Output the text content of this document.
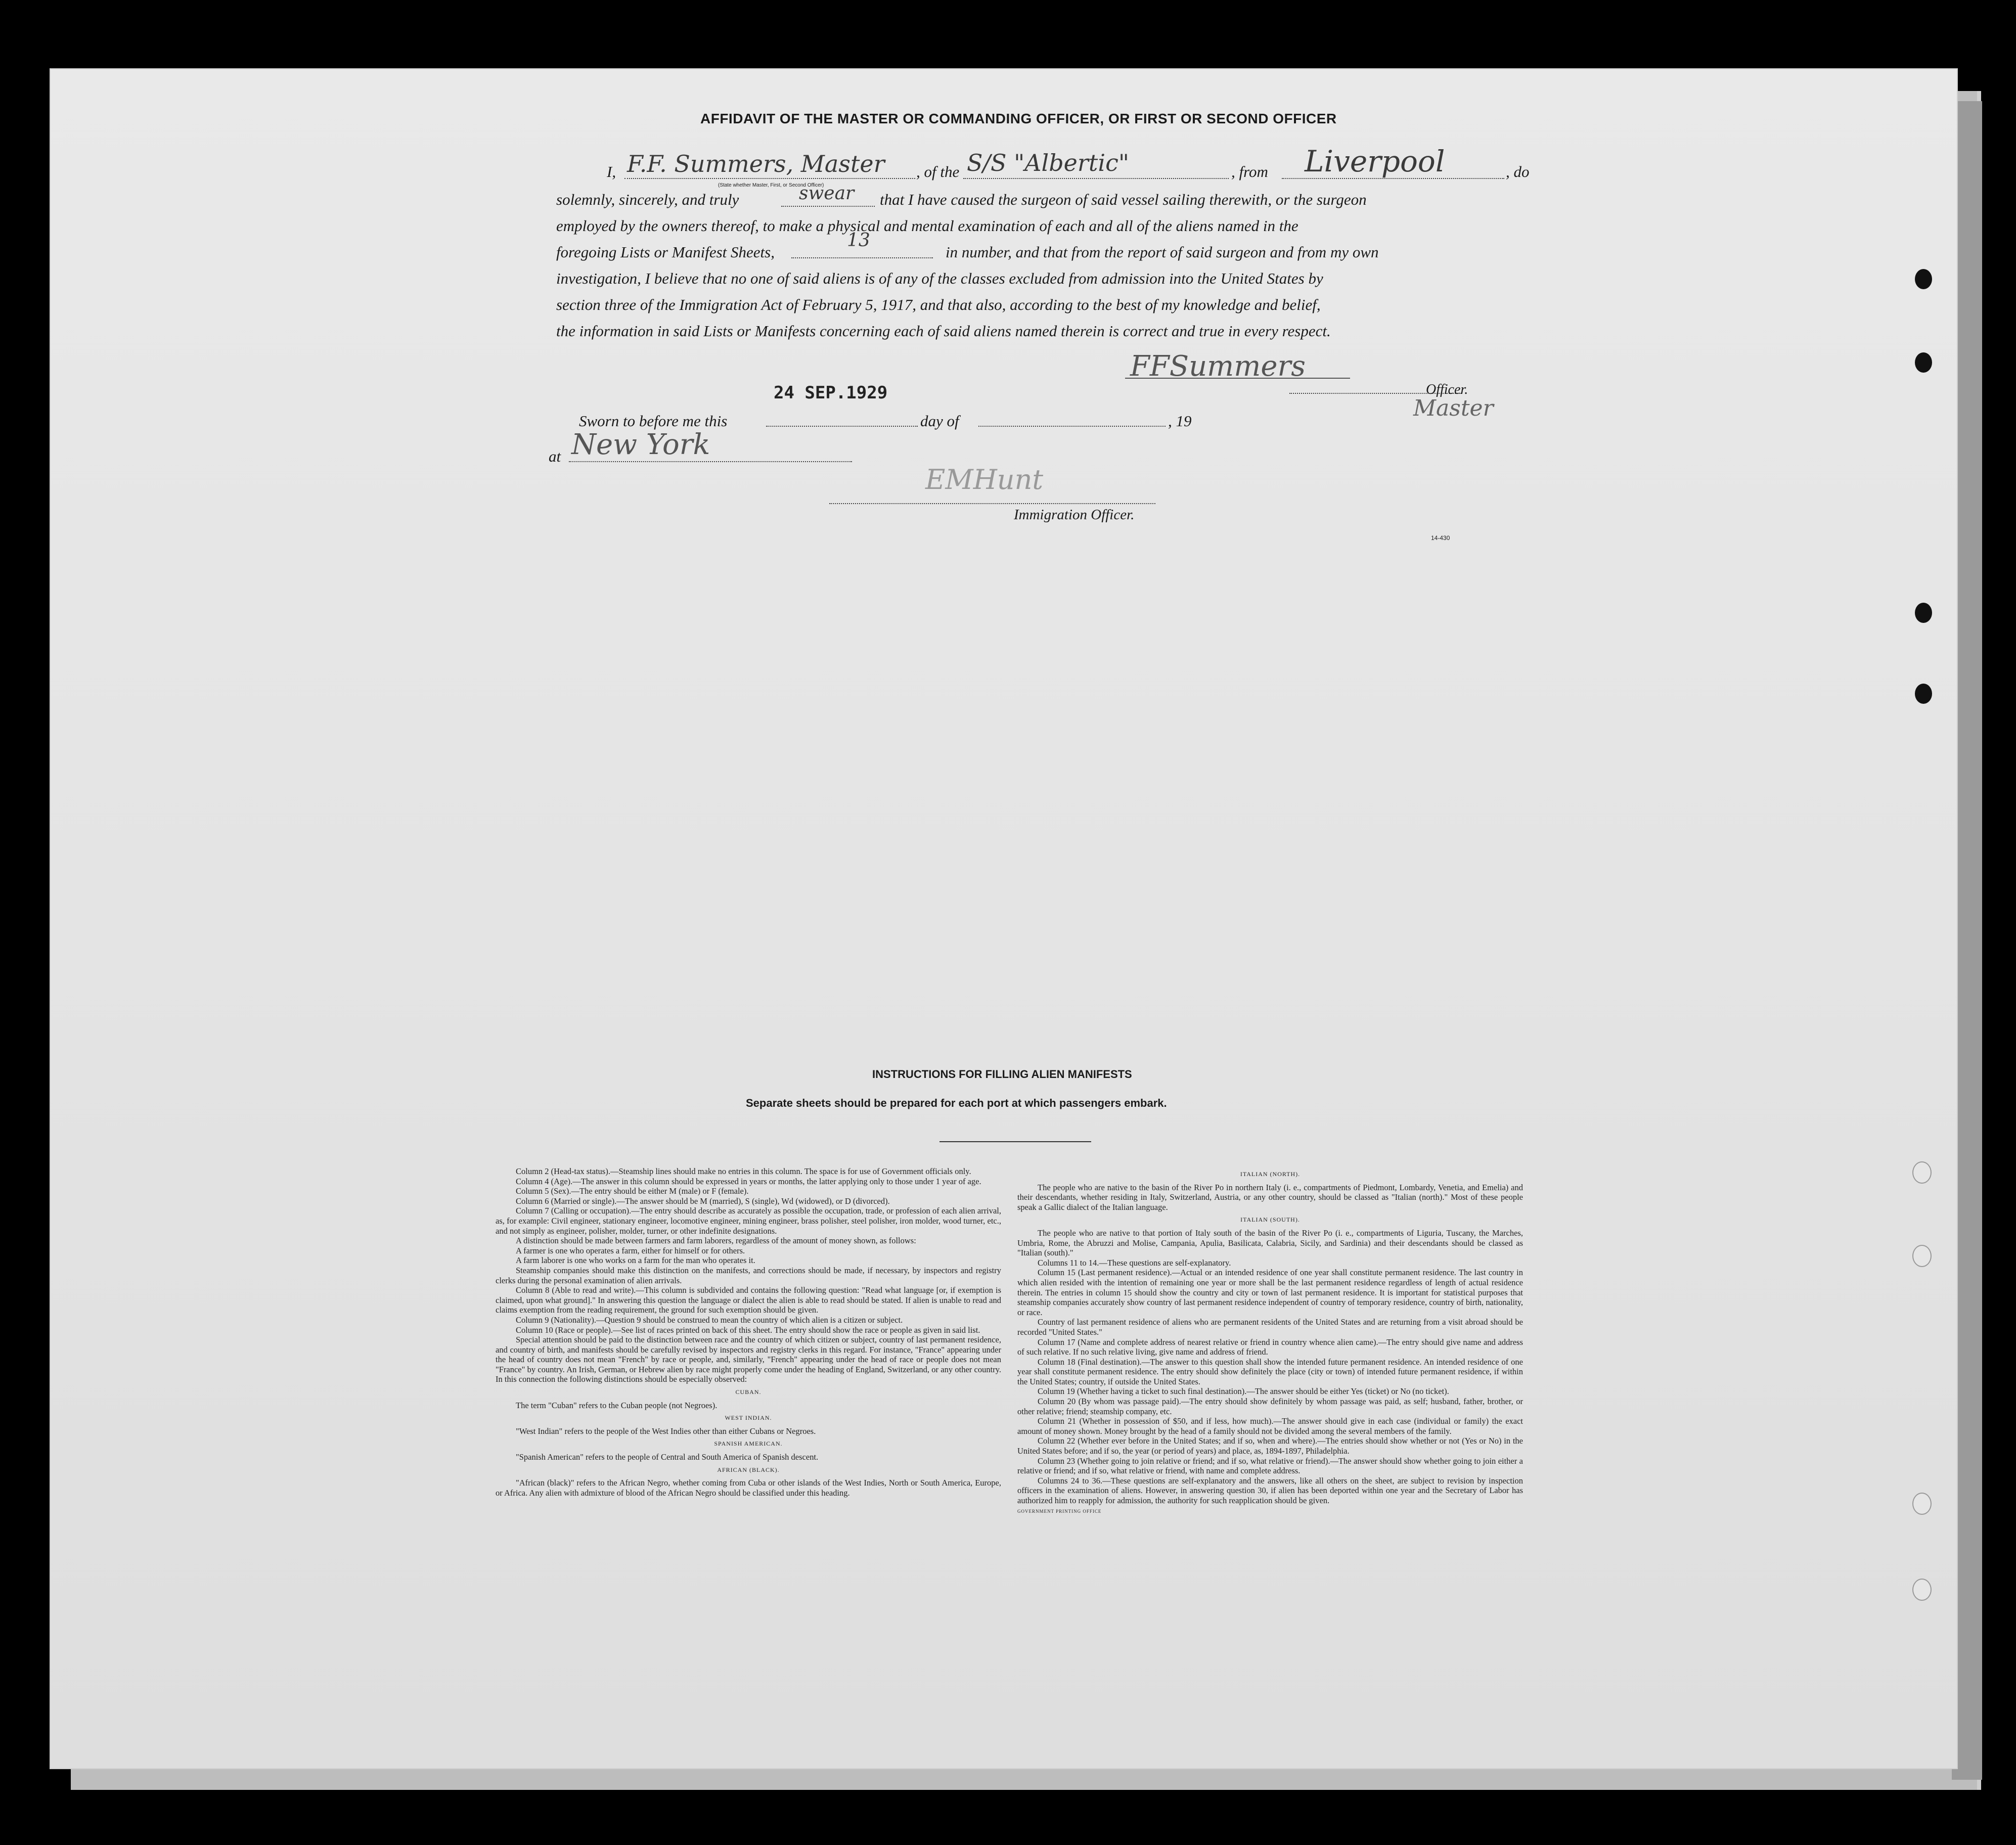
AFFIDAVIT OF THE MASTER OR COMMANDING OFFICER, OR FIRST OR SECOND OFFICER
I, F.F. Summers, Master
(State whether Master, First, or Second Officer)
, of the S/S "Albertic"	, from Liverpool	, do
solemnly, sincerely, and truly	swear that I have caused the surgeon of said vessel sailing therewith, or the surgeon
employed by the owners thereof, to make a physical and mental examination of each and all of the aliens named in the
foregoing Lists or Manifest Sheets,
13
in number, and that from the report of said surgeon and from my own
investigation, I believe that no one of said aliens is of any of the classes excluded from admission into the United States by
section three of the Immigration Act of February 5, 1917, and that also, according to the best of my knowledge and belief,
the information in said Lists or Manifests concerning each of said aliens named therein is correct and true in every respect.
FFSummers
Officer.
Master
24 SEP.1929
Sworn to before me this	day of	, 19
at New York
EMHunt
Immigration Officer.
14-430
INSTRUCTIONS FOR FILLING ALIEN MANIFESTS
Separate sheets should be prepared for each port at which passengers embark.

Column 2 (Head-tax status).—Steamship lines should make no entries in this column. The space is for use of Government officials only.

Column 4 (Age).—The answer in this column should be expressed in years or months, the latter applying only to those under 1 year of age.

Column 5 (Sex).—The entry should be either M (male) or F (female).

Column 6 (Married or single).—The answer should be M (married), S (single), Wd (widowed), or D (divorced).

Column 7 (Calling or occupation).—The entry should describe as accurately as possible the occupation, trade, or profession of each alien arrival, as, for example: Civil engineer, stationary engineer, locomotive engineer, mining engineer, brass polisher, steel polisher, iron molder, wood turner, etc., and not simply as engineer, polisher, molder, turner, or other indefinite designations.

A distinction should be made between farmers and farm laborers, regardless of the amount of money shown, as follows:

A farmer is one who operates a farm, either for himself or for others.

A farm laborer is one who works on a farm for the man who operates it.

Steamship companies should make this distinction on the manifests, and corrections should be made, if necessary, by inspectors and registry clerks during the personal examination of alien arrivals.

Column 8 (Able to read and write).—This column is subdivided and contains the following question: "Read what language [or, if exemption is claimed, upon what ground]." In answering this question the language or dialect the alien is able to read should be stated. If alien is unable to read and claims exemption from the reading requirement, the ground for such exemption should be given.

Column 9 (Nationality).—Question 9 should be construed to mean the country of which alien is a citizen or subject.

Column 10 (Race or people).—See list of races printed on back of this sheet. The entry should show the race or people as given in said list.

Special attention should be paid to the distinction between race and the country of which citizen or subject, country of last permanent residence, and country of birth, and manifests should be carefully revised by inspectors and registry clerks in this regard. For instance, "France" appearing under the head of country does not mean "French" by race or people, and, similarly, "French" appearing under the head of race or people does not mean "France" by country. An Irish, German, or Hebrew alien by race might properly come under the heading of England, Switzerland, or any other country. In this connection the following distinctions should be especially observed:

CUBAN.

The term "Cuban" refers to the Cuban people (not Negroes).

WEST INDIAN.

"West Indian" refers to the people of the West Indies other than either Cubans or Negroes.

SPANISH AMERICAN.

"Spanish American" refers to the people of Central and South America of Spanish descent.

AFRICAN (BLACK).

"African (black)" refers to the African Negro, whether coming from Cuba or other islands of the West Indies, North or South America, Europe, or Africa. Any alien with admixture of blood of the African Negro should be classified under this heading.

ITALIAN (NORTH).

The people who are native to the basin of the River Po in northern Italy (i. e., compartments of Piedmont, Lombardy, Venetia, and Emelia) and their descendants, whether residing in Italy, Switzerland, Austria, or any other country, should be classed as "Italian (north)." Most of these people speak a Gallic dialect of the Italian language.

ITALIAN (SOUTH).

The people who are native to that portion of Italy south of the basin of the River Po (i. e., compartments of Liguria, Tuscany, the Marches, Umbria, Rome, the Abruzzi and Molise, Campania, Apulia, Basilicata, Calabria, Sicily, and Sardinia) and their descendants should be classed as "Italian (south)."

Columns 11 to 14.—These questions are self-explanatory.

Column 15 (Last permanent residence).—Actual or an intended residence of one year shall constitute permanent residence. The last country in which alien resided with the intention of remaining one year or more shall be the last permanent residence regardless of length of actual residence therein. The entries in column 15 should show the country and city or town of last permanent residence. It is important for statistical purposes that steamship companies accurately show country of last permanent residence independent of country of temporary residence, country of birth, nationality, or race.

Country of last permanent residence of aliens who are permanent residents of the United States and are returning from a visit abroad should be recorded "United States."

Column 17 (Name and complete address of nearest relative or friend in country whence alien came).—The entry should give name and address of such relative. If no such relative living, give name and address of friend.

Column 18 (Final destination).—The answer to this question shall show the intended future permanent residence. An intended residence of one year shall constitute permanent residence. The entry should show definitely the place (city or town) of intended future permanent residence, if within the United States; country, if outside the United States.

Column 19 (Whether having a ticket to such final destination).—The answer should be either Yes (ticket) or No (no ticket).

Column 20 (By whom was passage paid).—The entry should show definitely by whom passage was paid, as self; husband, father, brother, or other relative; friend; steamship company, etc.

Column 21 (Whether in possession of $50, and if less, how much).—The answer should give in each case (individual or family) the exact amount of money shown. Money brought by the head of a family should not be divided among the several members of the family.

Column 22 (Whether ever before in the United States; and if so, when and where).—The entries should show whether or not (Yes or No) in the United States before; and if so, the year (or period of years) and place, as, 1894-1897, Philadelphia.

Column 23 (Whether going to join relative or friend; and if so, what relative or friend).—The answer should show whether going to join either a relative or friend; and if so, what relative or friend, with name and complete address.

Columns 24 to 36.—These questions are self-explanatory and the answers, like all others on the sheet, are subject to revision by inspection officers in the examination of aliens. However, in answering question 30, if alien has been deported within one year and the Secretary of Labor has authorized him to reapply for admission, the authority for such reapplication should be given.

GOVERNMENT PRINTING OFFICE
